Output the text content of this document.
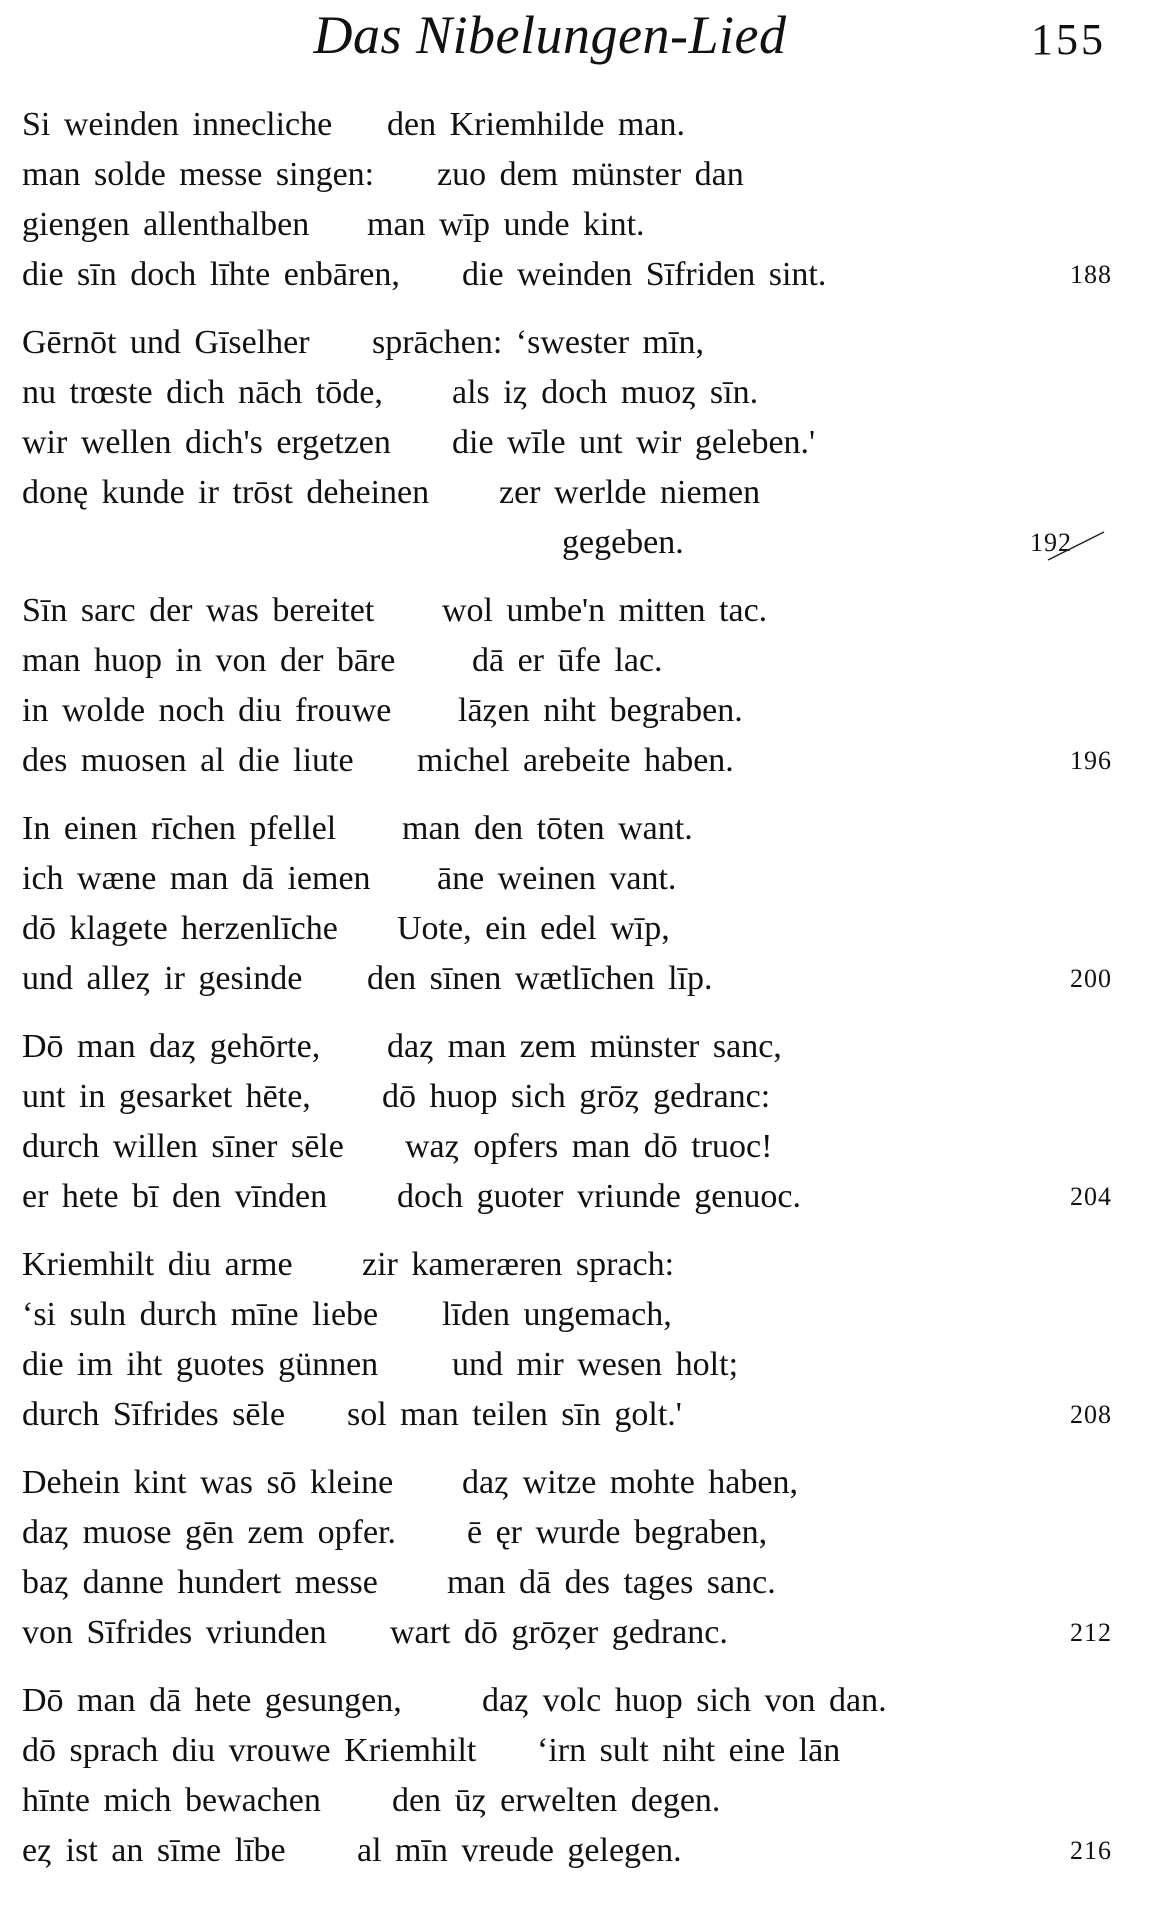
Das Nibelungen-Lied	155
Si weinden innecliche den Kriemhilde man.
man solde messe singen: zuo dem münster dan
giengen allenthalben man wīp unde kint.
die sīn doch līhte enbāren, die weinden Sīfriden sint.	188
Gērnōt und Gīselher sprāchen: ‘swester mīn,
nu trœste dich nāch tōde, als iȥ doch muoȥ sīn.
wir wellen dich's ergetzen die wīle unt wir geleben.'
donę kunde ir trōst deheinen zer werlde niemen
gegeben.	192
Sīn sarc der was bereitet wol umbe'n mitten tac.
man huop in von der bāre dā er ūfe lac.
in wolde noch diu frouwe lāȥen niht begraben.
des muosen al die liute michel arebeite haben.	196
In einen rīchen pfellel man den tōten want.
ich wæne man dā iemen āne weinen vant.
dō klagete herzenlīche Uote, ein edel wīp,
und alleȥ ir gesinde den sīnen wætlīchen līp.	200
Dō man daȥ gehōrte, daȥ man zem münster sanc,
unt in gesarket hēte, dō huop sich grōȥ gedranc:
durch willen sīner sēle waȥ opfers man dō truoc!
er hete bī den vīnden doch guoter vriunde genuoc.	204
Kriemhilt diu arme zir kameræren sprach:
‘si suln durch mīne liebe līden ungemach,
die im iht guotes günnen und mir wesen holt;
durch Sīfrides sēle sol man teilen sīn golt.'	208
Dehein kint was sō kleine daȥ witze mohte haben,
daȥ muose gēn zem opfer. ē ęr wurde begraben,
baȥ danne hundert messe man dā des tages sanc.
von Sīfrides vriunden wart dō grōȥer gedranc.	212
Dō man dā hete gesungen, daȥ volc huop sich von dan.
dō sprach diu vrouwe Kriemhilt ‘irn sult niht eine lān
hīnte mich bewachen den ūȥ erwelten degen.
eȥ ist an sīme lībe al mīn vreude gelegen.	216
